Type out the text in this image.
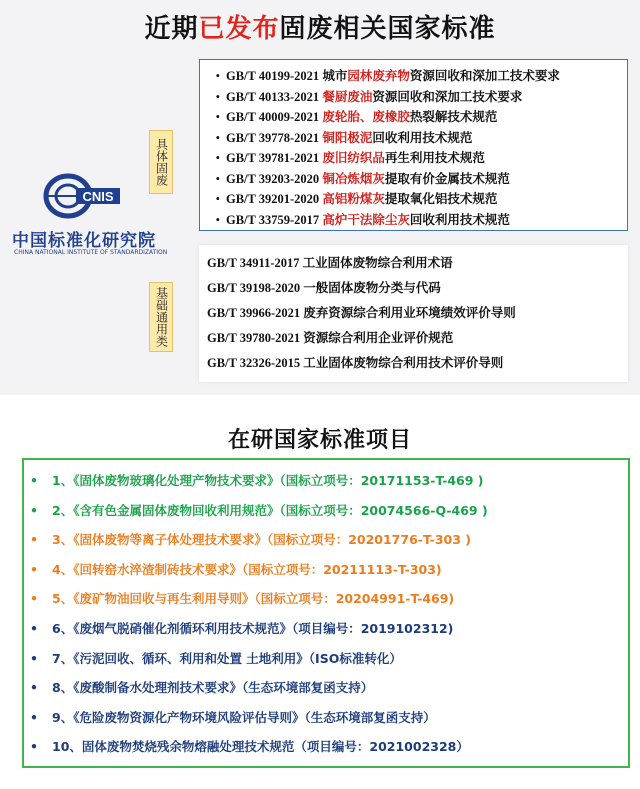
近期已发布固废相关国家标准
CNIS
中国标准化研究院
CHINA NATIONAL INSTITUTE OF STANDARDIZATION
具体固废
基础通用类
• GB/T 40199-2021 城市园林废弃物资源回收和深加工技术要求
• GB/T 40133-2021 餐厨废油资源回收和深加工技术要求
• GB/T 40009-2021 废轮胎、废橡胶热裂解技术规范
• GB/T 39778-2021 铜阳极泥回收利用技术规范
• GB/T 39781-2021 废旧纺织品再生利用技术规范
• GB/T 39203-2020 铜冶炼烟灰提取有价金属技术规范
• GB/T 39201-2020 高铝粉煤灰提取氧化铝技术规范
• GB/T 33759-2017 高炉干法除尘灰回收利用技术规范
GB/T 34911-2017 工业固体废物综合利用术语
GB/T 39198-2020 一般固体废物分类与代码
GB/T 39966-2021 废弃资源综合利用业环境绩效评价导则
GB/T 39780-2021 资源综合利用企业评价规范
GB/T 32326-2015 工业固体废物综合利用技术评价导则
在研国家标准项目
• 1、《固体废物玻璃化处理产物技术要求》（国标立项号：20171153-T-469 )
• 2、《含有色金属固体废物回收利用规范》（国标立项号：20074566-Q-469 )
• 3、《固体废物等离子体处理技术要求》（国标立项号：20201776-T-303 )
• 4、《回转窑水淬渣制砖技术要求》（国标立项号：20211113-T-303)
• 5、《废矿物油回收与再生利用导则》（国标立项号：20204991-T-469)
• 6、《废烟气脱硝催化剂循环利用技术规范》（项目编号：2019102312)
• 7、《污泥回收、循环、利用和处置 土地利用》（ISO标准转化）
• 8、《废酸制备水处理剂技术要求》（生态环境部复函支持）
• 9、《危险废物资源化产物环境风险评估导则》（生态环境部复函支持）
• 10、固体废物焚烧残余物熔融处理技术规范（项目编号：2021002328）
